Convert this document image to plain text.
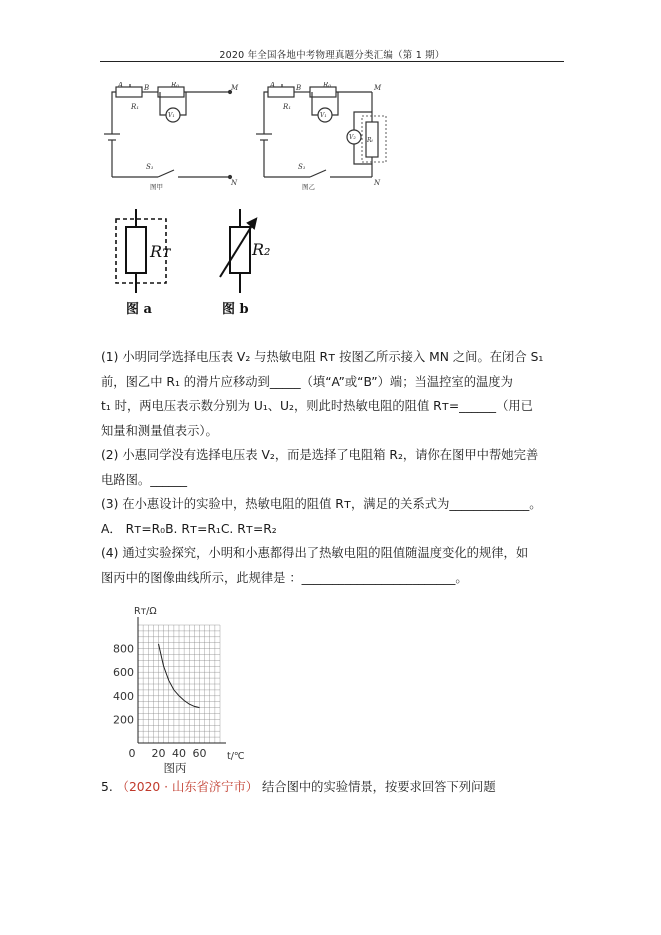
2020 年全国各地中考物理真题分类汇编（第 1 期）
A	B
R₁
R₀
V₁
M
N
S₁
图甲
A	B
R₁
R₀
V₁
V₂ Rₜ
M
N
S₁
图乙
Rᴛ
图 a
R₂
图 b
(1) 小明同学选择电压表 V₂ 与热敏电阻 Rᴛ 按图乙所示接入 MN 之间。在闭合 S₁
前，图乙中 R₁ 的滑片应移动到_____（填“A”或“B”）端；当温控室的温度为
t₁ 时，两电压表示数分别为 U₁、U₂，则此时热敏电阻的阻值 Rᴛ=______（用已
知量和测量值表示）。
(2) 小惠同学没有选择电压表 V₂，而是选择了电阻箱 R₂，请你在图甲中帮她完善
电路图。______
(3) 在小惠设计的实验中，热敏电阻的阻值 Rᴛ，满足的关系式为_____________。
A． Rᴛ=R₀B. Rᴛ=R₁C. Rᴛ=R₂
(4) 通过实验探究，小明和小惠都得出了热敏电阻的阻值随温度变化的规律，如
图丙中的图像曲线所示，此规律是 ：_________________________。
200
400
600
800
20 40 60
0
Rᴛ/Ω
t/℃
图丙
5. （2020 · 山东省济宁市） 结合图中的实验情景，按要求回答下列问题
